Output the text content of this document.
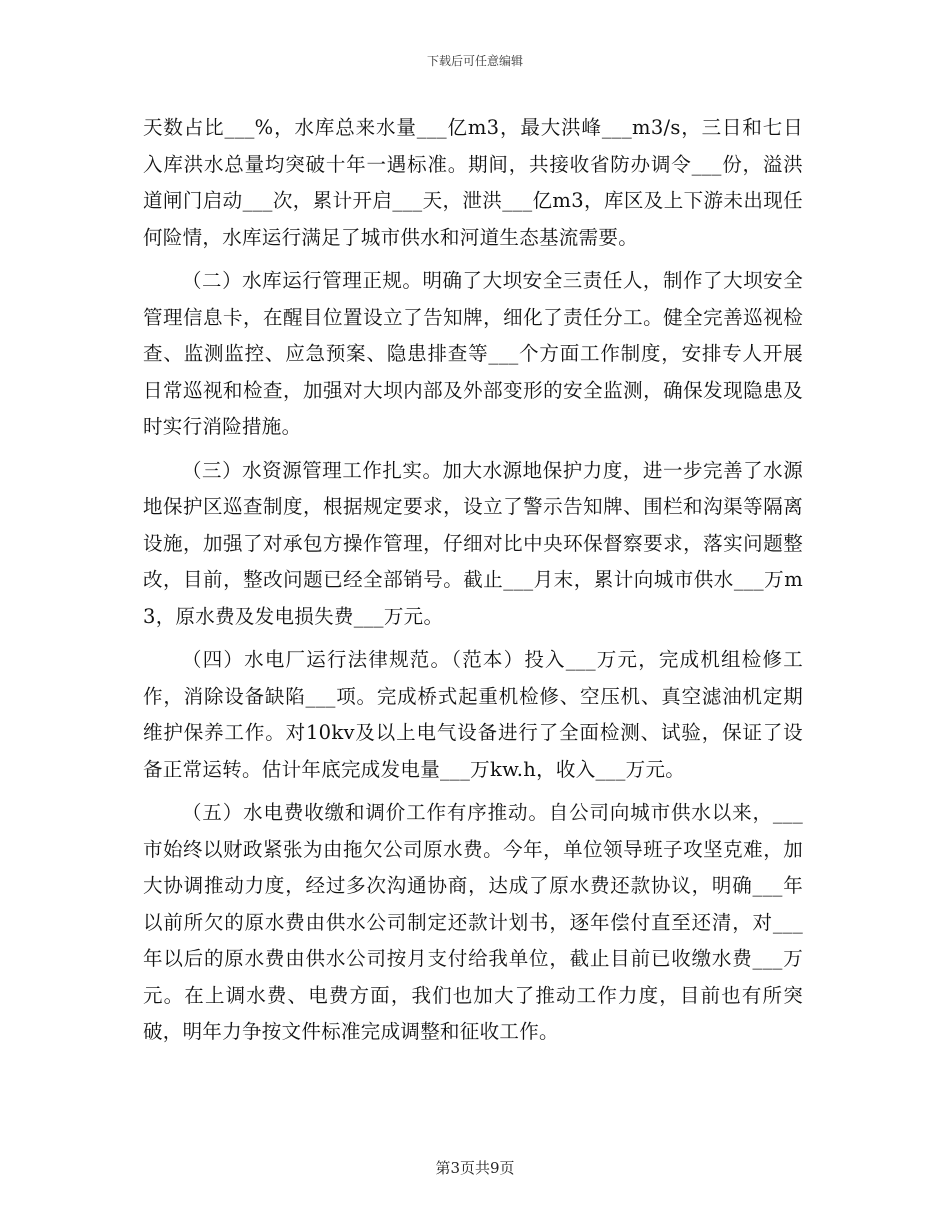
下载后可任意编辑

天数占比___%，水库总来水量___亿m3，最大洪峰___m3/s，三日和七日入库洪水总量均突破十年一遇标准。期间，共接收省防办调令___份，溢洪道闸门启动___次，累计开启___天，泄洪___亿m3，库区及上下游未出现任何险情，水库运行满足了城市供水和河道生态基流需要。

（二）水库运行管理正规。明确了大坝安全三责任人，制作了大坝安全管理信息卡，在醒目位置设立了告知牌，细化了责任分工。健全完善巡视检查、监测监控、应急预案、隐患排查等___个方面工作制度，安排专人开展日常巡视和检查，加强对大坝内部及外部变形的安全监测，确保发现隐患及时实行消险措施。

（三）水资源管理工作扎实。加大水源地保护力度，进一步完善了水源地保护区巡查制度，根据规定要求，设立了警示告知牌、围栏和沟渠等隔离设施，加强了对承包方操作管理，仔细对比中央环保督察要求，落实问题整改，目前，整改问题已经全部销号。截止___月末，累计向城市供水___万m3，原水费及发电损失费___万元。

（四）水电厂运行法律规范。（范本）投入___万元，完成机组检修工作，消除设备缺陷___项。完成桥式起重机检修、空压机、真空滤油机定期维护保养工作。对10kv及以上电气设备进行了全面检测、试验，保证了设备正常运转。估计年底完成发电量___万kw.h，收入___万元。

（五）水电费收缴和调价工作有序推动。自公司向城市供水以来，___市始终以财政紧张为由拖欠公司原水费。今年，单位领导班子攻坚克难，加大协调推动力度，经过多次沟通协商，达成了原水费还款协议，明确___年以前所欠的原水费由供水公司制定还款计划书，逐年偿付直至还清，对___年以后的原水费由供水公司按月支付给我单位，截止目前已收缴水费___万元。在上调水费、电费方面，我们也加大了推动工作力度，目前也有所突破，明年力争按文件标准完成调整和征收工作。

第3页共9页
